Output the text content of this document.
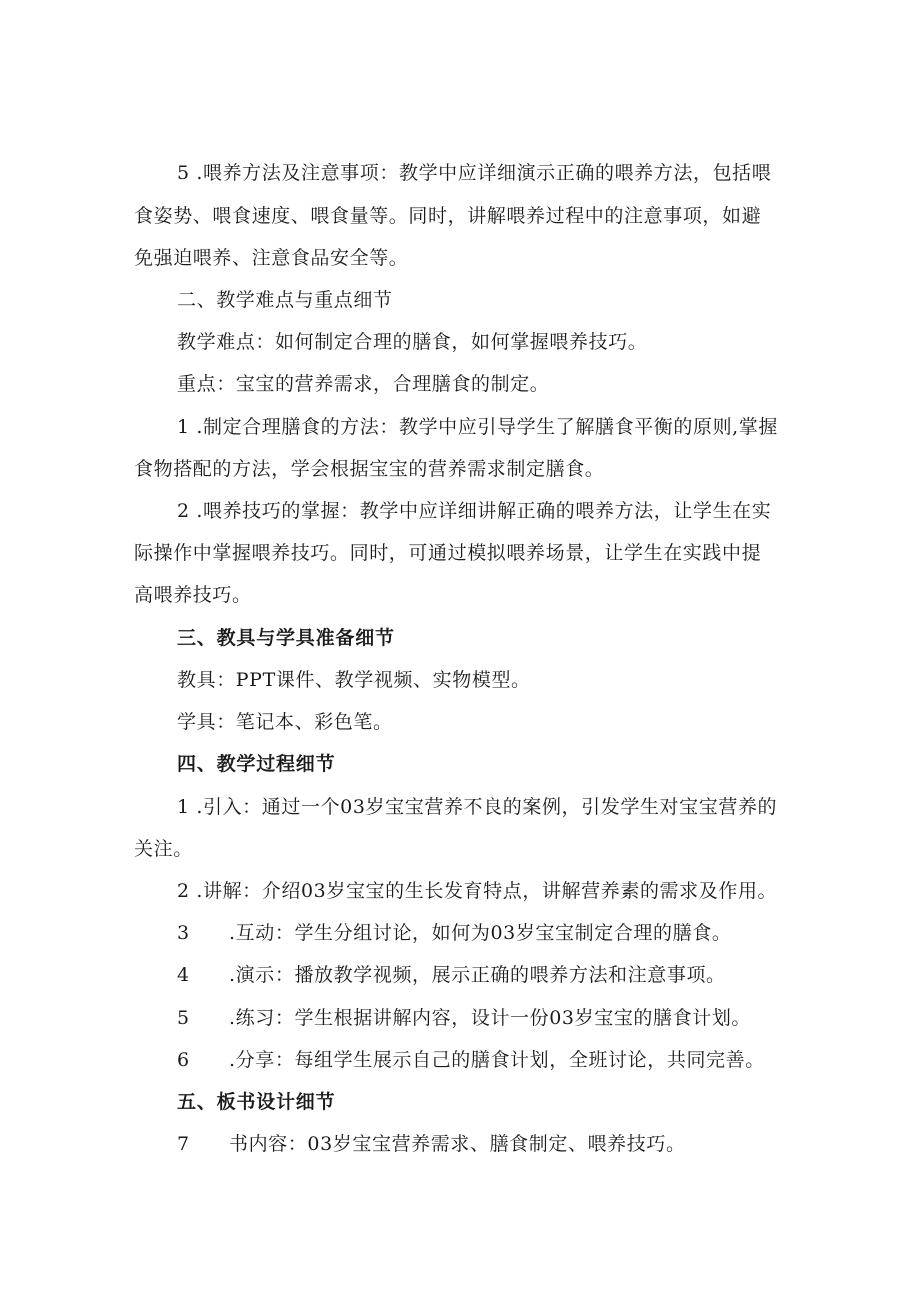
5 .喂养方法及注意事项：教学中应详细演示正确的喂养方法，包括喂
食姿势、喂食速度、喂食量等。同时，讲解喂养过程中的注意事项，如避
免强迫喂养、注意食品安全等。
二、教学难点与重点细节
教学难点：如何制定合理的膳食，如何掌握喂养技巧。
重点：宝宝的营养需求，合理膳食的制定。
1 .制定合理膳食的方法：教学中应引导学生了解膳食平衡的原则,掌握
食物搭配的方法，学会根据宝宝的营养需求制定膳食。
2 .喂养技巧的掌握：教学中应详细讲解正确的喂养方法，让学生在实
际操作中掌握喂养技巧。同时，可通过模拟喂养场景，让学生在实践中提
高喂养技巧。
三、教具与学具准备细节
教具：PPT课件、教学视频、实物模型。
学具：笔记本、彩色笔。
四、教学过程细节
1 .引入：通过一个03岁宝宝营养不良的案例，引发学生对宝宝营养的
关注。
2 .讲解：介绍03岁宝宝的生长发育特点，讲解营养素的需求及作用。
3 .互动：学生分组讨论，如何为03岁宝宝制定合理的膳食。
4 .演示：播放教学视频，展示正确的喂养方法和注意事项。
5 .练习：学生根据讲解内容，设计一份03岁宝宝的膳食计划。
6 .分享：每组学生展示自己的膳食计划，全班讨论，共同完善。
五、板书设计细节
7 书内容：03岁宝宝营养需求、膳食制定、喂养技巧。
